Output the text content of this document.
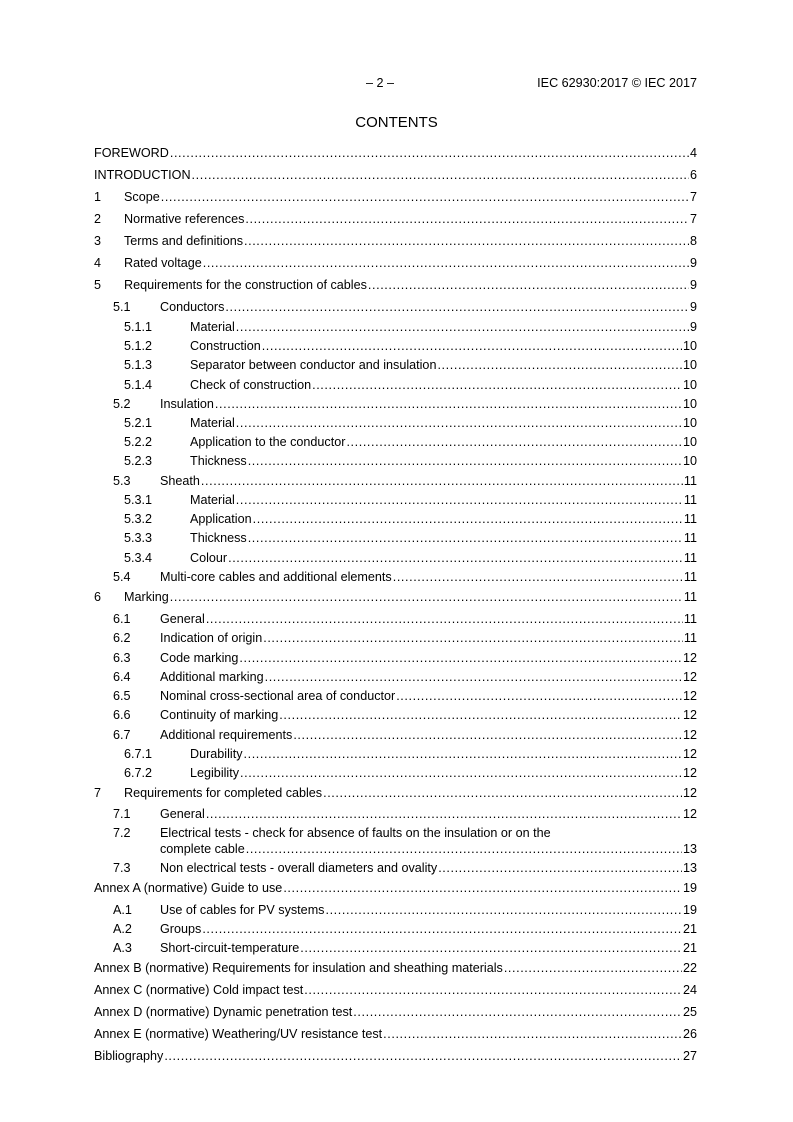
– 2 –	IEC 62930:2017 © IEC 2017
CONTENTS
FOREWORD .....	4
INTRODUCTION .....	6
1 Scope .....	7
2 Normative references .....	7
3 Terms and definitions .....	8
4 Rated voltage .....	9
5 Requirements for the construction of cables .....	9
5.1 Conductors .....	9
5.1.1	Material .....	9
5.1.2	Construction .....	10
5.1.3	Separator between conductor and insulation .....	10
5.1.4	Check of construction .....	10
5.2 Insulation .....	10
5.2.1	Material .....	10
5.2.2	Application to the conductor .....	10
5.2.3	Thickness .....	10
5.3 Sheath .....	11
5.3.1	Material .....	11
5.3.2	Application .....	11
5.3.3	Thickness .....	11
5.3.4	Colour .....	11
5.4 Multi-core cables and additional elements .....	11
6 Marking .....	11
6.1 General .....	11
6.2 Indication of origin .....	11
6.3 Code marking .....	12
6.4 Additional marking .....	12
6.5 Nominal cross-sectional area of conductor .....	12
6.6 Continuity of marking .....	12
6.7 Additional requirements .....	12
6.7.1	Durability .....	12
6.7.2	Legibility .....	12
7 Requirements for completed cables .....	12
7.1 General .....	12
7.2 Electrical tests - check for absence of faults on the insulation or on the
complete cable .....	13
7.3 Non electrical tests - overall diameters and ovality .....	13
Annex A (normative) Guide to use .....	19
A.1 Use of cables for PV systems .....	19
A.2 Groups .....	21
A.3 Short-circuit-temperature .....	21
Annex B (normative) Requirements for insulation and sheathing materials .....	22
Annex C (normative) Cold impact test .....	24
Annex D (normative) Dynamic penetration test .....	25
Annex E (normative) Weathering/UV resistance test .....	26
Bibliography .....	27
